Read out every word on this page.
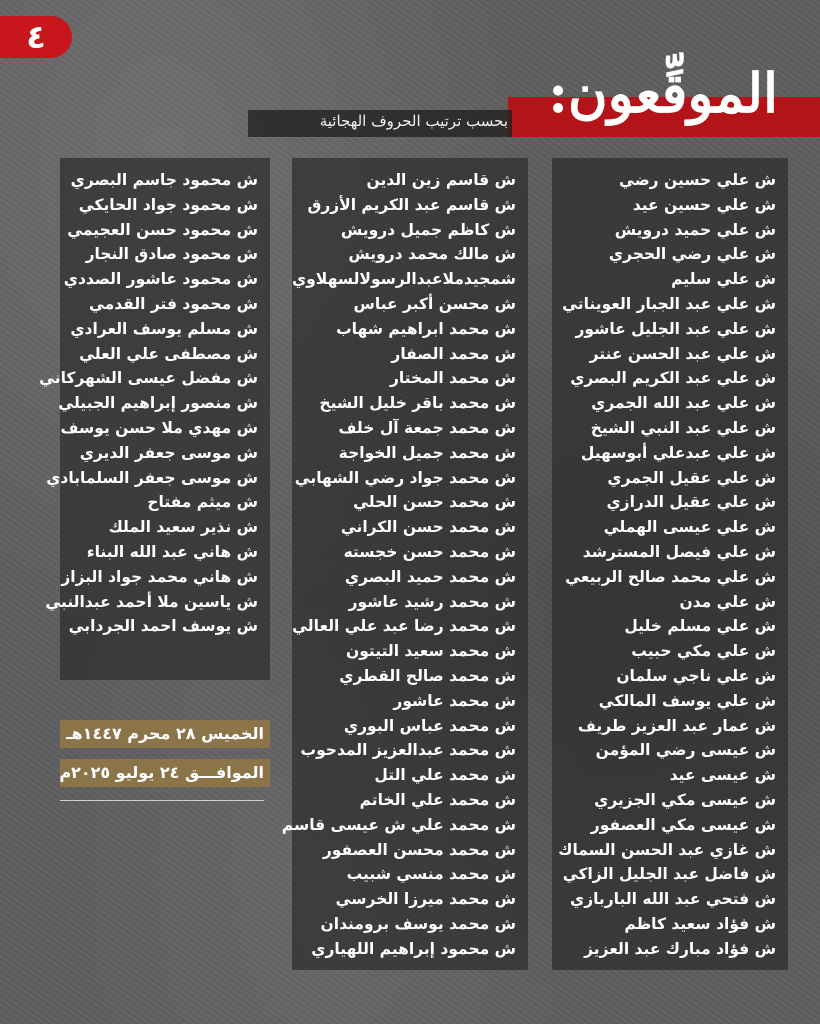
٤
الموقِّعون:
بحسب ترتيب الحروف الهجائية
ش علي حسين رضي
ش علي حسين عيد
ش علي حميد درويش
ش علي رضي الحجري
ش علي سليم
ش علي عبد الجبار العويناتي
ش علي عبد الجليل عاشور
ش علي عبد الحسن عنتر
ش علي عبد الكريم البصري
ش علي عبد الله الجمري
ش علي عبد النبي الشيخ
ش علي عبدعلي أبوسهيل
ش علي عقيل الجمري
ش علي عقيل الدرازي
ش علي عيسى الهملي
ش علي فيصل المسترشد
ش علي محمد صالح الربيعي
ش علي مدن
ش علي مسلم خليل
ش علي مكي حبيب
ش علي ناجي سلمان
ش علي يوسف المالكي
ش عمار عبد العزيز طريف
ش عيسى رضي المؤمن
ش عيسى عيد
ش عيسى مكي الجزيري
ش عيسى مكي العصفور
ش غازي عبد الحسن السماك
ش فاضل عبد الجليل الزاكي
ش فتحي عبد الله الباربازي
ش فؤاد سعيد كاظم
ش فؤاد مبارك عبد العزيز
ش قاسم زين الدين
ش قاسم عبد الكريم الأزرق
ش كاظم جميل درويش
ش مالك محمد درويش
شمجيدملاعبدالرسولالسهلاوي
ش محسن أكبر عباس
ش محمد ابراهيم شهاب
ش محمد الصفار
ش محمد المختار
ش محمد باقر خليل الشيخ
ش محمد جمعة آل خلف
ش محمد جميل الخواجة
ش محمد جواد رضي الشهابي
ش محمد حسن الحلي
ش محمد حسن الكراني
ش محمد حسن خجسته
ش محمد حميد البصري
ش محمد رشيد عاشور
ش محمد رضا عبد علي العالي
ش محمد سعيد التيتون
ش محمد صالح القطري
ش محمد عاشور
ش محمد عباس البوري
ش محمد عبدالعزيز المدحوب
ش محمد علي التل
ش محمد علي الخاتم
ش محمد علي ش عيسى قاسم
ش محمد محسن العصفور
ش محمد منسي شبيب
ش محمد ميرزا الخرسي
ش محمد يوسف برومندان
ش محمود إبراهيم اللهياري
ش محمود جاسم البصري
ش محمود جواد الحايكي
ش محمود حسن العجيمي
ش محمود صادق النجار
ش محمود عاشور الصددي
ش محمود فتر القدمي
ش مسلم يوسف العرادي
ش مصطفى علي العلي
ش مفضل عيسى الشهركاني
ش منصور إبراهيم الجبيلي
ش مهدي ملا حسن يوسف
ش موسى جعفر الديري
ش موسى جعفر السلمابادي
ش ميثم مفتاح
ش نذير سعيد الملك
ش هاني عبد الله البناء
ش هاني محمد جواد البزاز
ش ياسين ملا أحمد عبدالنبي
ش يوسف احمد الجردابي
الخميس ٢٨ محرم ١٤٤٧هـ
الموافـــق ٢٤ يوليو ٢٠٢٥م
